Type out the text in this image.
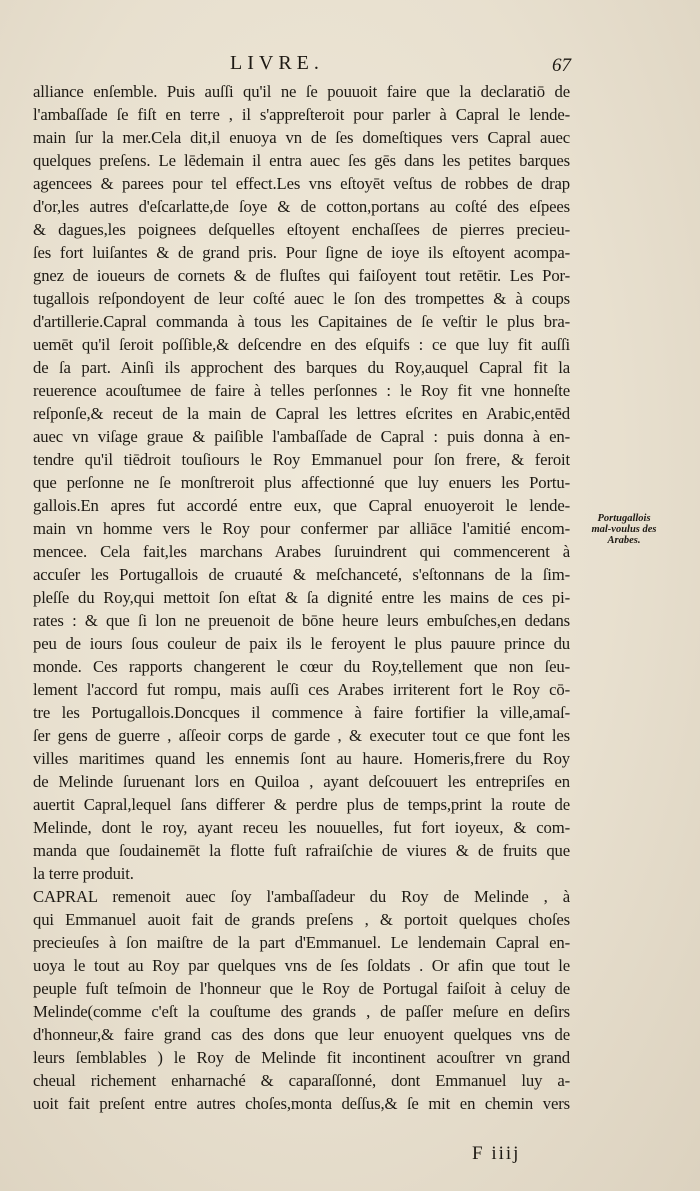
LIVRE.	67
alliance enſemble. Puis auſſi qu'il ne ſe pouuoit faire que la declaratiō de
l'ambaſſade ſe fiſt en terre , il s'appreſteroit pour parler à Capral le lende-
main ſur la mer.Cela dit,il enuoya vn de ſes domeſtiques vers Capral auec
quelques preſens. Le lēdemain il entra auec ſes gēs dans les petites barques
agencees & parees pour tel effect.Les vns eſtoyēt veſtus de robbes de drap
d'or,les autres d'eſcarlatte,de ſoye & de cotton,portans au coſté des eſpees
& dagues,les poignees deſquelles eſtoyent enchaſſees de pierres precieu-
ſes fort luiſantes & de grand pris. Pour ſigne de ioye ils eſtoyent acompa-
gnez de ioueurs de cornets & de fluſtes qui faiſoyent tout retētir. Les Por-
tugallois reſpondoyent de leur coſté auec le ſon des trompettes & à coups
d'artillerie.Capral commanda à tous les Capitaines de ſe veſtir le plus bra-
uemēt qu'il ſeroit poſſible,& deſcendre en des eſquifs : ce que luy fit auſſi
de ſa part. Ainſi ils approchent des barques du Roy,auquel Capral fit la
reuerence acouſtumee de faire à telles perſonnes : le Roy fit vne honneſte
reſponſe,& receut de la main de Capral les lettres eſcrites en Arabic,entēd
auec vn viſage graue & paiſible l'ambaſſade de Capral : puis donna à en-
tendre qu'il tiēdroit touſiours le Roy Emmanuel pour ſon frere, & feroit
que perſonne ne ſe monſtreroit plus affectionné que luy enuers les Portu-
gallois.En apres fut accordé entre eux, que Capral enuoyeroit le lende-
main vn homme vers le Roy pour confermer par alliāce l'amitié encom-
mencee. Cela fait,les marchans Arabes ſuruindrent qui commencerent à
accuſer les Portugallois de cruauté & meſchanceté, s'eſtonnans de la ſim-
pleſſe du Roy,qui mettoit ſon eſtat & ſa dignité entre les mains de ces pi-
rates : & que ſi lon ne preuenoit de bōne heure leurs embuſches,en dedans
peu de iours ſous couleur de paix ils le feroyent le plus pauure prince du
monde. Ces rapports changerent le cœur du Roy,tellement que non ſeu-
lement l'accord fut rompu, mais auſſi ces Arabes irriterent fort le Roy cō-
tre les Portugallois.Doncques il commence à faire fortifier la ville,amaſ-
ſer gens de guerre , aſſeoir corps de garde , & executer tout ce que font les
villes maritimes quand les ennemis ſont au haure. Homeris,frere du Roy
de Melinde ſuruenant lors en Quiloa , ayant deſcouuert les entrepriſes en
auertit Capral,lequel ſans differer & perdre plus de temps,print la route de
Melinde, dont le roy, ayant receu les nouuelles, fut fort ioyeux, & com-
manda que ſoudainemēt la flotte fuſt rafraiſchie de viures & de fruits que
la terre produit.
CAPRAL remenoit auec ſoy l'ambaſſadeur du Roy de Melinde , à
qui Emmanuel auoit fait de grands preſens , & portoit quelques choſes
precieuſes à ſon maiſtre de la part d'Emmanuel. Le lendemain Capral en-
uoya le tout au Roy par quelques vns de ſes ſoldats . Or afin que tout le
peuple fuſt teſmoin de l'honneur que le Roy de Portugal faiſoit à celuy de
Melinde(comme c'eſt la couſtume des grands , de paſſer meſure en deſirs
d'honneur,& faire grand cas des dons que leur enuoyent quelques vns de
leurs ſemblables ) le Roy de Melinde fit incontinent acouſtrer vn grand
cheual richement enharnaché & caparaſſonné, dont Emmanuel luy a-
uoit fait preſent entre autres choſes,monta deſſus,& ſe mit en chemin vers
Portugallois
mal-voulus des
Arabes.
F iiij
